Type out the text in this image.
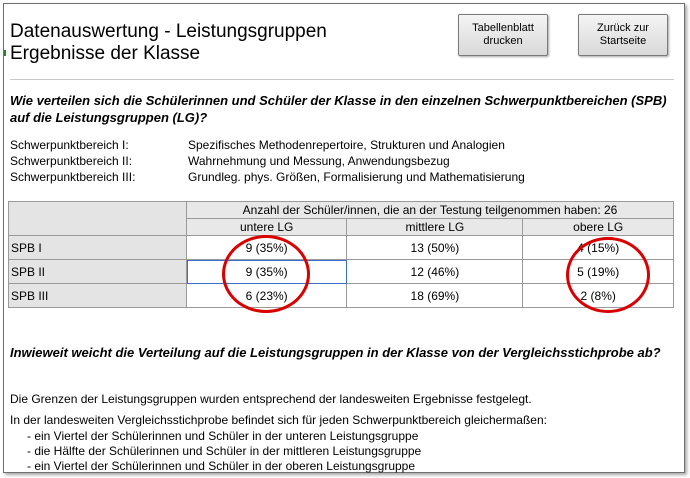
Datenauswertung - Leistungsgruppen
Ergebnisse der Klasse
Tabellenblatt
drucken
Zurück zur
Startseite
Wie verteilen sich die Schülerinnen und Schüler der Klasse in den einzelnen Schwerpunktbereichen (SPB) auf die Leistungsgruppen (LG)?
Schwerpunktbereich I:	Spezifisches Methodenrepertoire, Strukturen und Analogien
Schwerpunktbereich II:	Wahrnehmung und Messung, Anwendungsbezug
Schwerpunktbereich III:	Grundleg. phys. Größen, Formalisierung und Mathematisierung
	Anzahl der Schüler/innen, die an der Testung teilgenommen haben: 26		
	untere LG	mittlere LG	obere LG
SPB I	9 (35%)	13 (50%)	4 (15%)
SPB II	9 (35%)	12 (46%)	5 (19%)
SPB III	6 (23%)	18 (69%)	2 (8%)
Inwieweit weicht die Verteilung auf die Leistungsgruppen in der Klasse von der Vergleichsstichprobe ab?
Die Grenzen der Leistungsgruppen wurden entsprechend der landesweiten Ergebnisse festgelegt.
In der landesweiten Vergleichsstichprobe befindet sich für jeden Schwerpunktbereich gleichermaßen:
- ein Viertel der Schülerinnen und Schüler in der unteren Leistungsgruppe
- die Hälfte der Schülerinnen und Schüler in der mittleren Leistungsgruppe
- ein Viertel der Schülerinnen und Schüler in der oberen Leistungsgruppe
